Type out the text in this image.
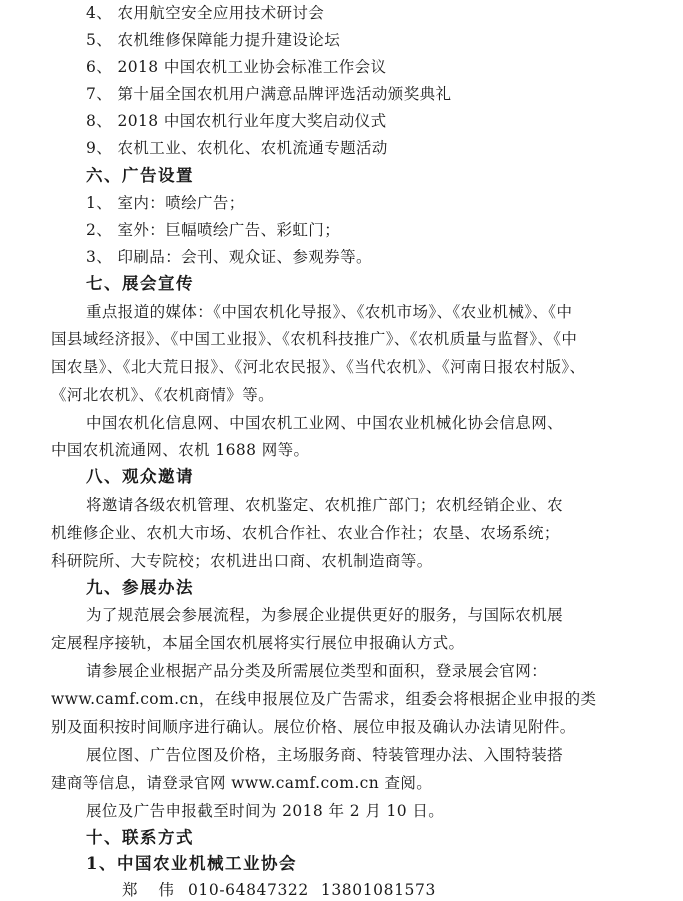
4、 农用航空安全应用技术研讨会
5、 农机维修保障能力提升建设论坛
6、 2018 中国农机工业协会标准工作会议
7、 第十届全国农机用户满意品牌评选活动颁奖典礼
8、 2018 中国农机行业年度大奖启动仪式
9、 农机工业、农机化、农机流通专题活动
六、广告设置
1、 室内：喷绘广告；
2、 室外：巨幅喷绘广告、彩虹门；
3、 印刷品：会刊、观众证、参观券等。
七、展会宣传
重点报道的媒体：《中国农机化导报》、《农机市场》、《农业机械》、《中
国县域经济报》、《中国工业报》、《农机科技推广》、《农机质量与监督》、《中
国农垦》、《北大荒日报》、《河北农民报》、《当代农机》、《河南日报农村版》、
《河北农机》、《农机商情》等。
中国农机化信息网、中国农机工业网、中国农业机械化协会信息网、
中国农机流通网、农机 1688 网等。
八、观众邀请
将邀请各级农机管理、农机鉴定、农机推广部门；农机经销企业、农
机维修企业、农机大市场、农机合作社、农业合作社；农垦、农场系统；
科研院所、大专院校；农机进出口商、农机制造商等。
九、参展办法
为了规范展会参展流程，为参展企业提供更好的服务，与国际农机展
定展程序接轨，本届全国农机展将实行展位申报确认方式。
请参展企业根据产品分类及所需展位类型和面积，登录展会官网：
www.camf.com.cn，在线申报展位及广告需求，组委会将根据企业申报的类
别及面积按时间顺序进行确认。展位价格、展位申报及确认办法请见附件。
展位图、广告位图及价格，主场服务商、特装管理办法、入围特装搭
建商等信息，请登录官网 www.camf.com.cn 查阅。
展位及广告申报截至时间为 2018 年 2 月 10 日。
十、联系方式
1、中国农业机械工业协会
郑 伟 010-64847322 13801081573
